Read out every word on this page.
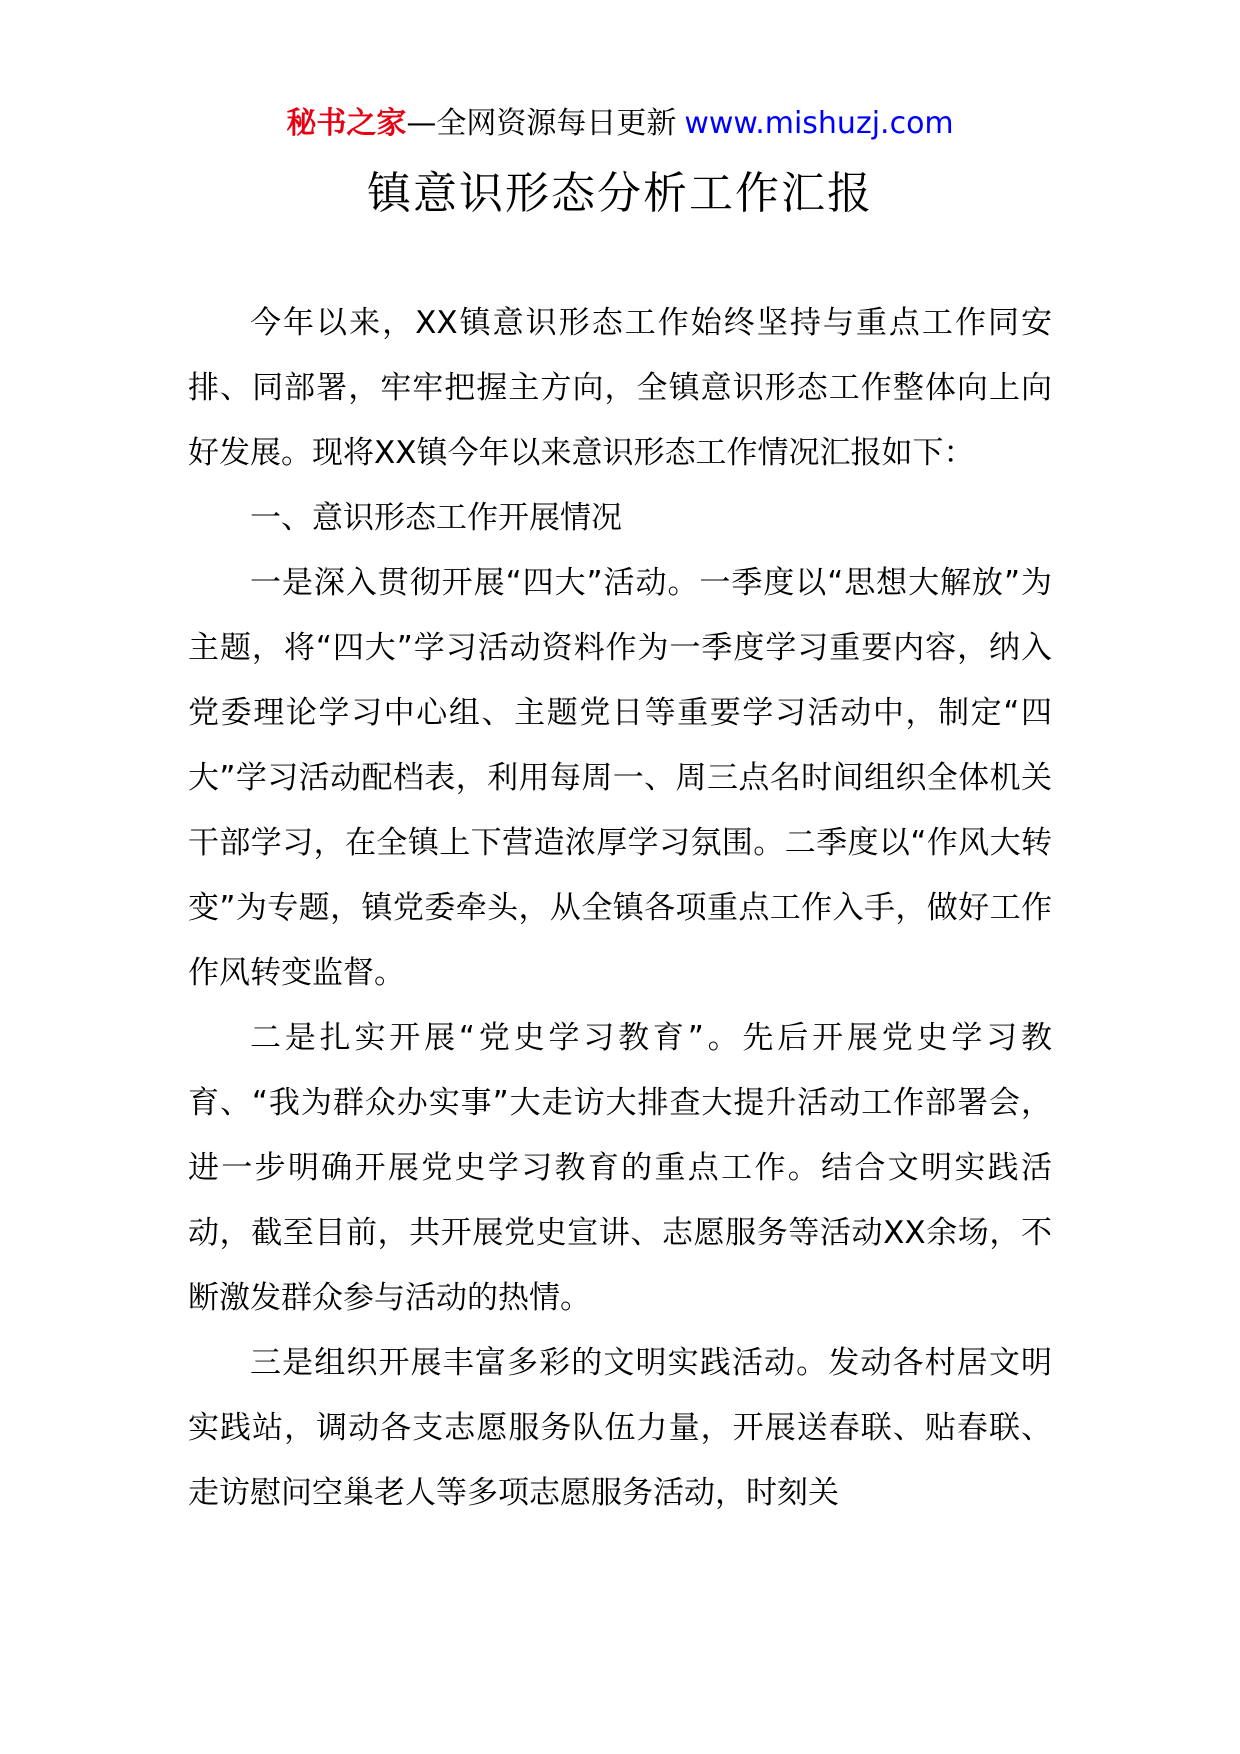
秘书之家—全网资源每日更新 www.mishuzj.com
镇意识形态分析工作汇报

今年以来，XX镇意识形态工作始终坚持与重点工作同安排、同部署，牢牢把握主方向，全镇意识形态工作整体向上向好发展。现将XX镇今年以来意识形态工作情况汇报如下：

一、意识形态工作开展情况

一是深入贯彻开展“四大”活动。一季度以“思想大解放”为主题，将“四大”学习活动资料作为一季度学习重要内容，纳入党委理论学习中心组、主题党日等重要学习活动中，制定“四大”学习活动配档表，利用每周一、周三点名时间组织全体机关干部学习，在全镇上下营造浓厚学习氛围。二季度以“作风大转变”为专题，镇党委牵头，从全镇各项重点工作入手，做好工作作风转变监督。

二是扎实开展“党史学习教育”。先后开展党史学习教育、“我为群众办实事”大走访大排查大提升活动工作部署会，进一步明确开展党史学习教育的重点工作。结合文明实践活动，截至目前，共开展党史宣讲、志愿服务等活动XX余场，不断激发群众参与活动的热情。

三是组织开展丰富多彩的文明实践活动。发动各村居文明实践站，调动各支志愿服务队伍力量，开展送春联、贴春联、走访慰问空巢老人等多项志愿服务活动，时刻关
